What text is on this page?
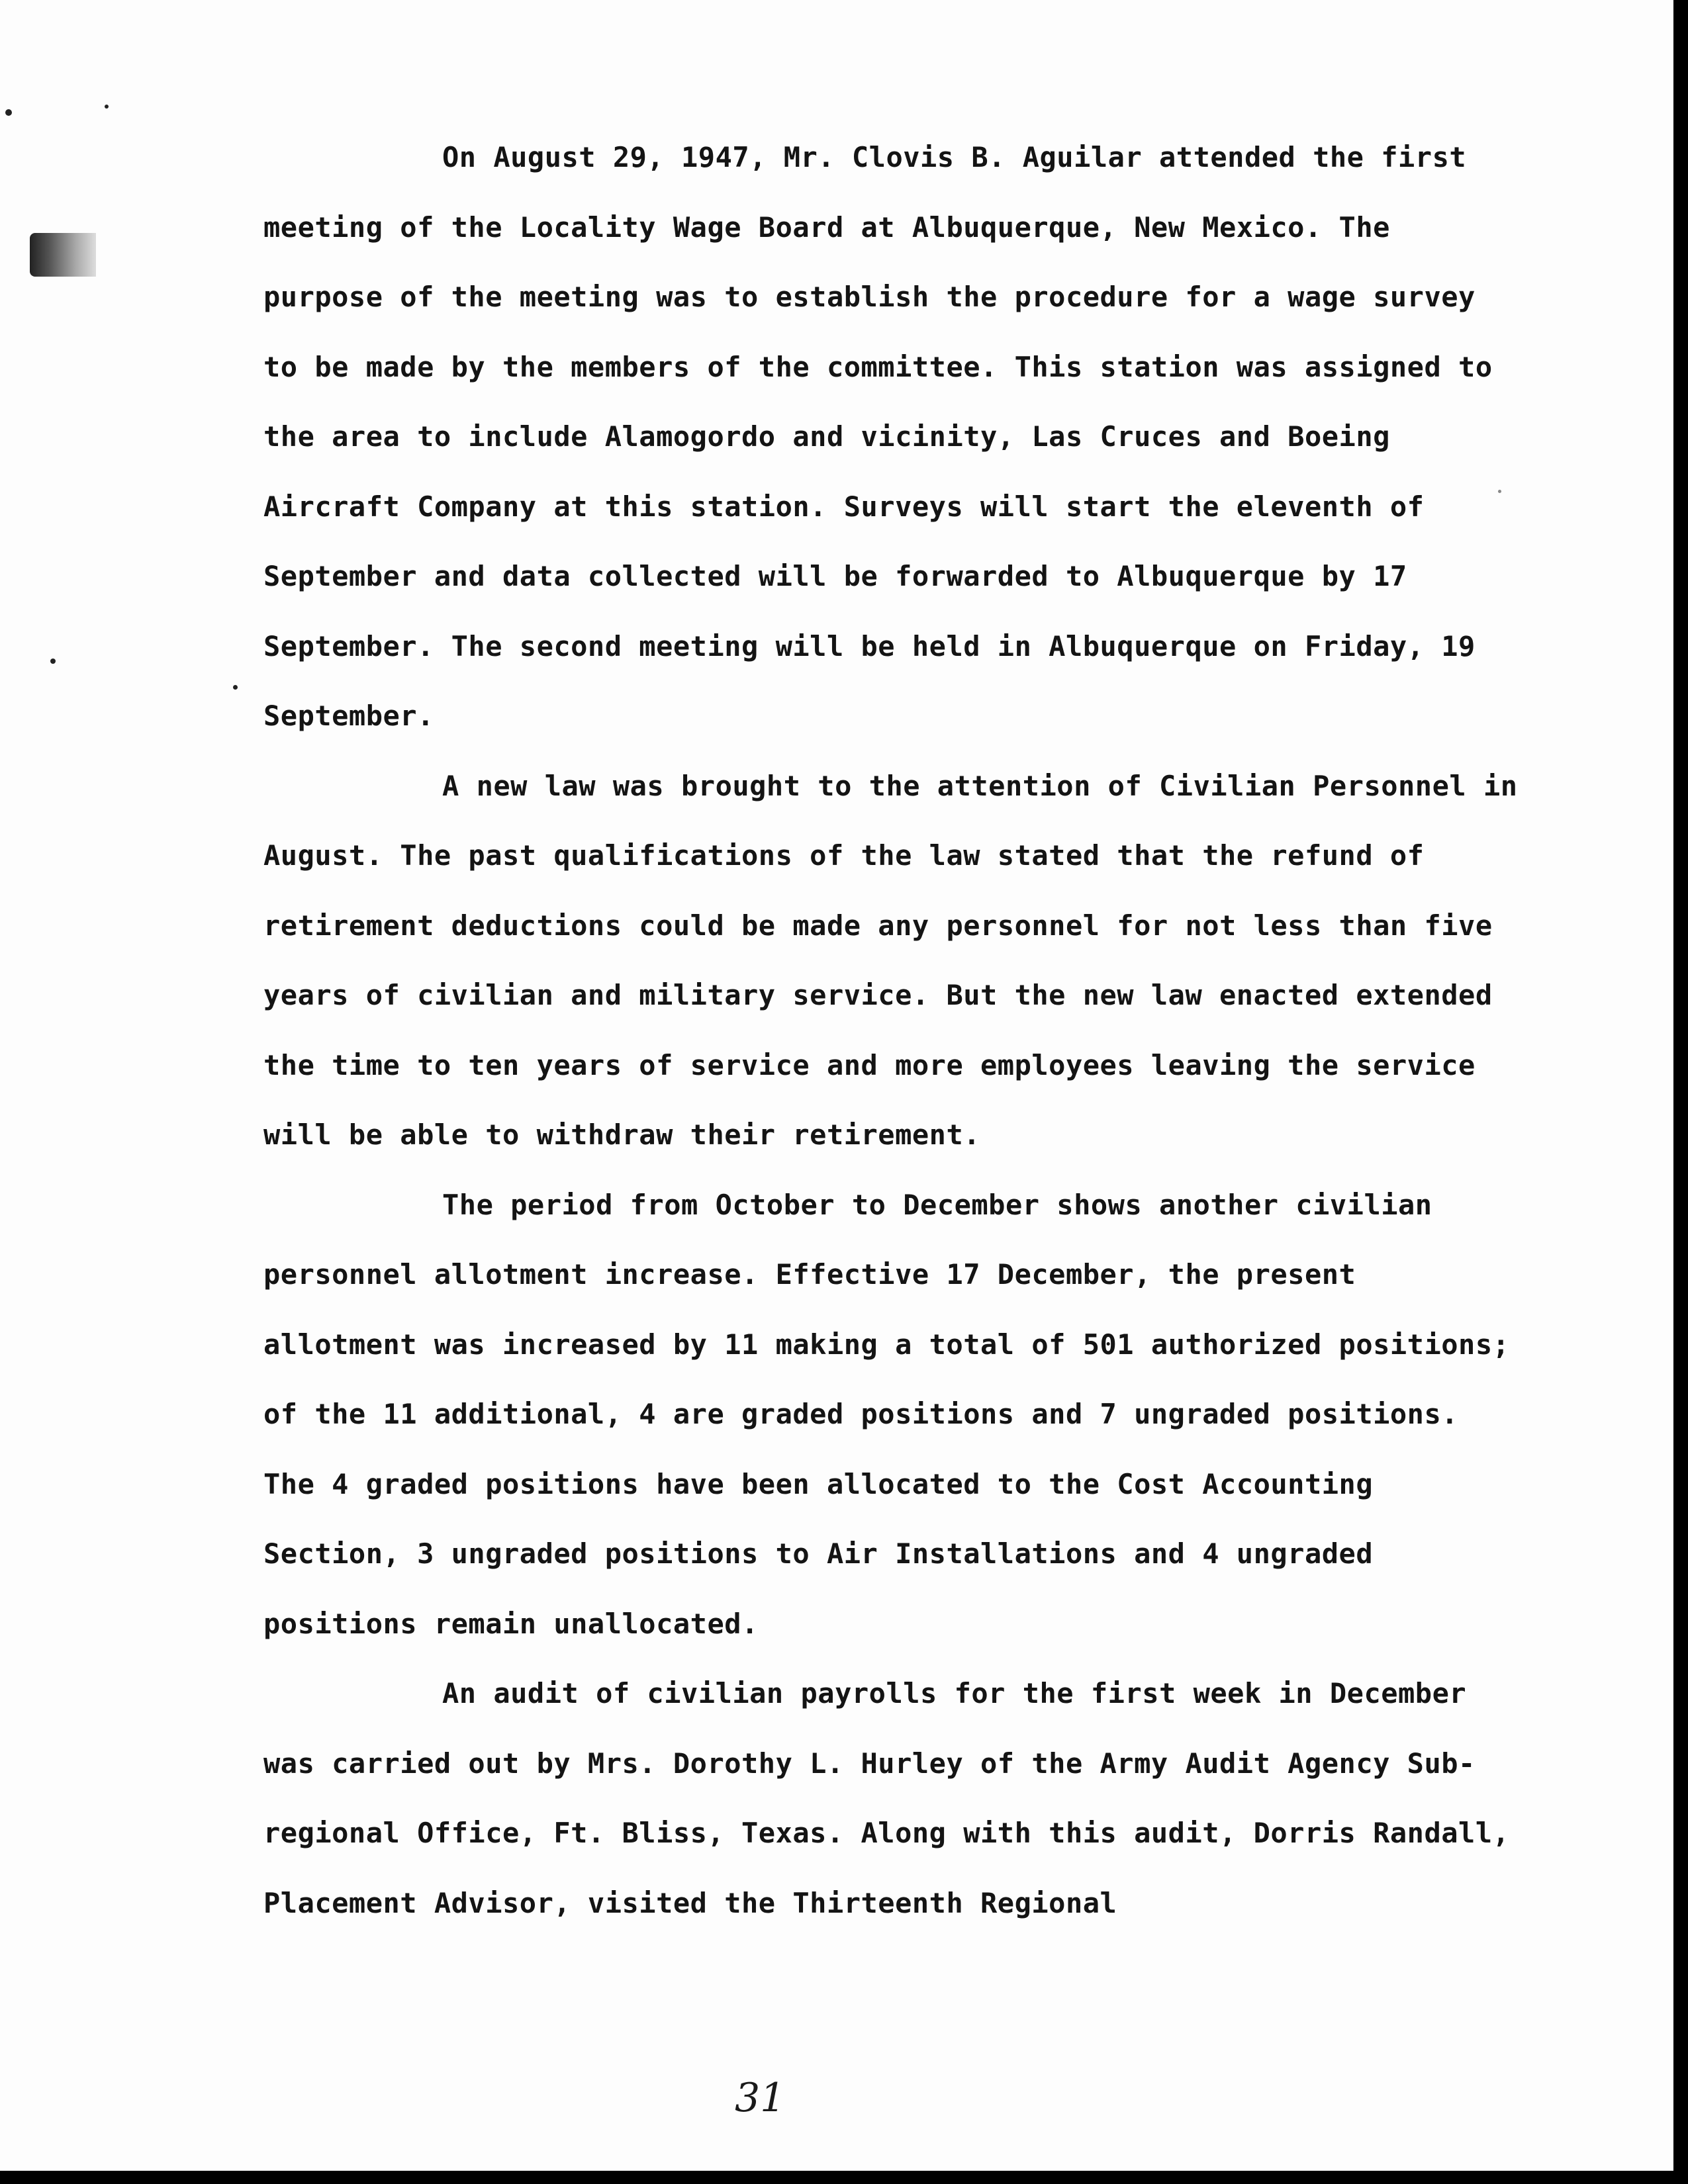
On August 29, 1947, Mr. Clovis B. Aguilar attended the first meeting of the Locality Wage Board at Albuquerque, New Mexico. The purpose of the meeting was to establish the procedure for a wage survey to be made by the members of the committee. This station was assigned to the area to include Alamogordo and vicinity, Las Cruces and Boeing Aircraft Company at this station. Surveys will start the eleventh of September and data collected will be forwarded to Albuquerque by 17 September. The second meeting will be held in Albuquerque on Friday, 19 September.

A new law was brought to the attention of Civilian Personnel in August. The past qualifications of the law stated that the refund of retirement deductions could be made any personnel for not less than five years of civilian and military service. But the new law enacted extended the time to ten years of service and more employees leaving the service will be able to withdraw their retirement.

The period from October to December shows another civilian personnel allotment increase. Effective 17 December, the present allotment was increased by 11 making a total of 501 authorized positions; of the 11 additional, 4 are graded positions and 7 ungraded positions. The 4 graded positions have been allocated to the Cost Accounting Section, 3 ungraded positions to Air Installations and 4 ungraded positions remain unallocated.

An audit of civilian payrolls for the first week in December was carried out by Mrs. Dorothy L. Hurley of the Army Audit Agency Sub-regional Office, Ft. Bliss, Texas. Along with this audit, Dorris Randall, Placement Advisor, visited the Thirteenth Regional

31
